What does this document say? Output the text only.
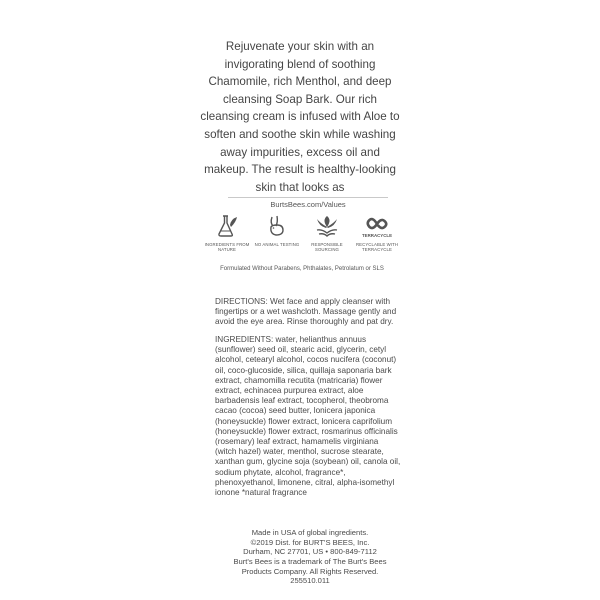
Rejuvenate your skin with an invigorating blend of soothing Chamomile, rich Menthol, and deep cleansing Soap Bark. Our rich cleansing cream is infused with Aloe to soften and soothe skin while washing away impurities, excess oil and makeup. The result is healthy-looking skin that looks as
BurtsBees.com/Values
INGREDIENTS FROM NATURE
NO ANIMAL TESTING	RESPONSIBLE SOURCING
TERRACYCLE
RECYCLABLE WITH TERRACYCLE
Formulated Without Parabens, Phthalates, Petrolatum or SLS
DIRECTIONS: Wet face and apply cleanser with fingertips or a wet washcloth. Massage gently and avoid the eye area. Rinse thoroughly and pat dry.
INGREDIENTS: water, helianthus annuus (sunflower) seed oil, stearic acid, glycerin, cetyl alcohol, cetearyl alcohol, cocos nucifera (coconut) oil, coco-glucoside, silica, quillaja saponaria bark extract, chamomilla recutita (matricaria) flower extract, echinacea purpurea extract, aloe barbadensis leaf extract, tocopherol, theobroma cacao (cocoa) seed butter, lonicera japonica (honeysuckle) flower extract, lonicera caprifolium (honeysuckle) flower extract, rosmarinus officinalis (rosemary) leaf extract, hamamelis virginiana (witch hazel) water, menthol, sucrose stearate, xanthan gum, glycine soja (soybean) oil, canola oil, sodium phytate, alcohol, fragrance*, phenoxyethanol, limonene, citral, alpha-isomethyl ionone *natural fragrance
Made in USA of global ingredients.
©2019 Dist. for BURT'S BEES, Inc.
Durham, NC 27701, US • 800-849-7112
Burt's Bees is a trademark of The Burt's Bees
Products Company. All Rights Reserved.
255510.011
